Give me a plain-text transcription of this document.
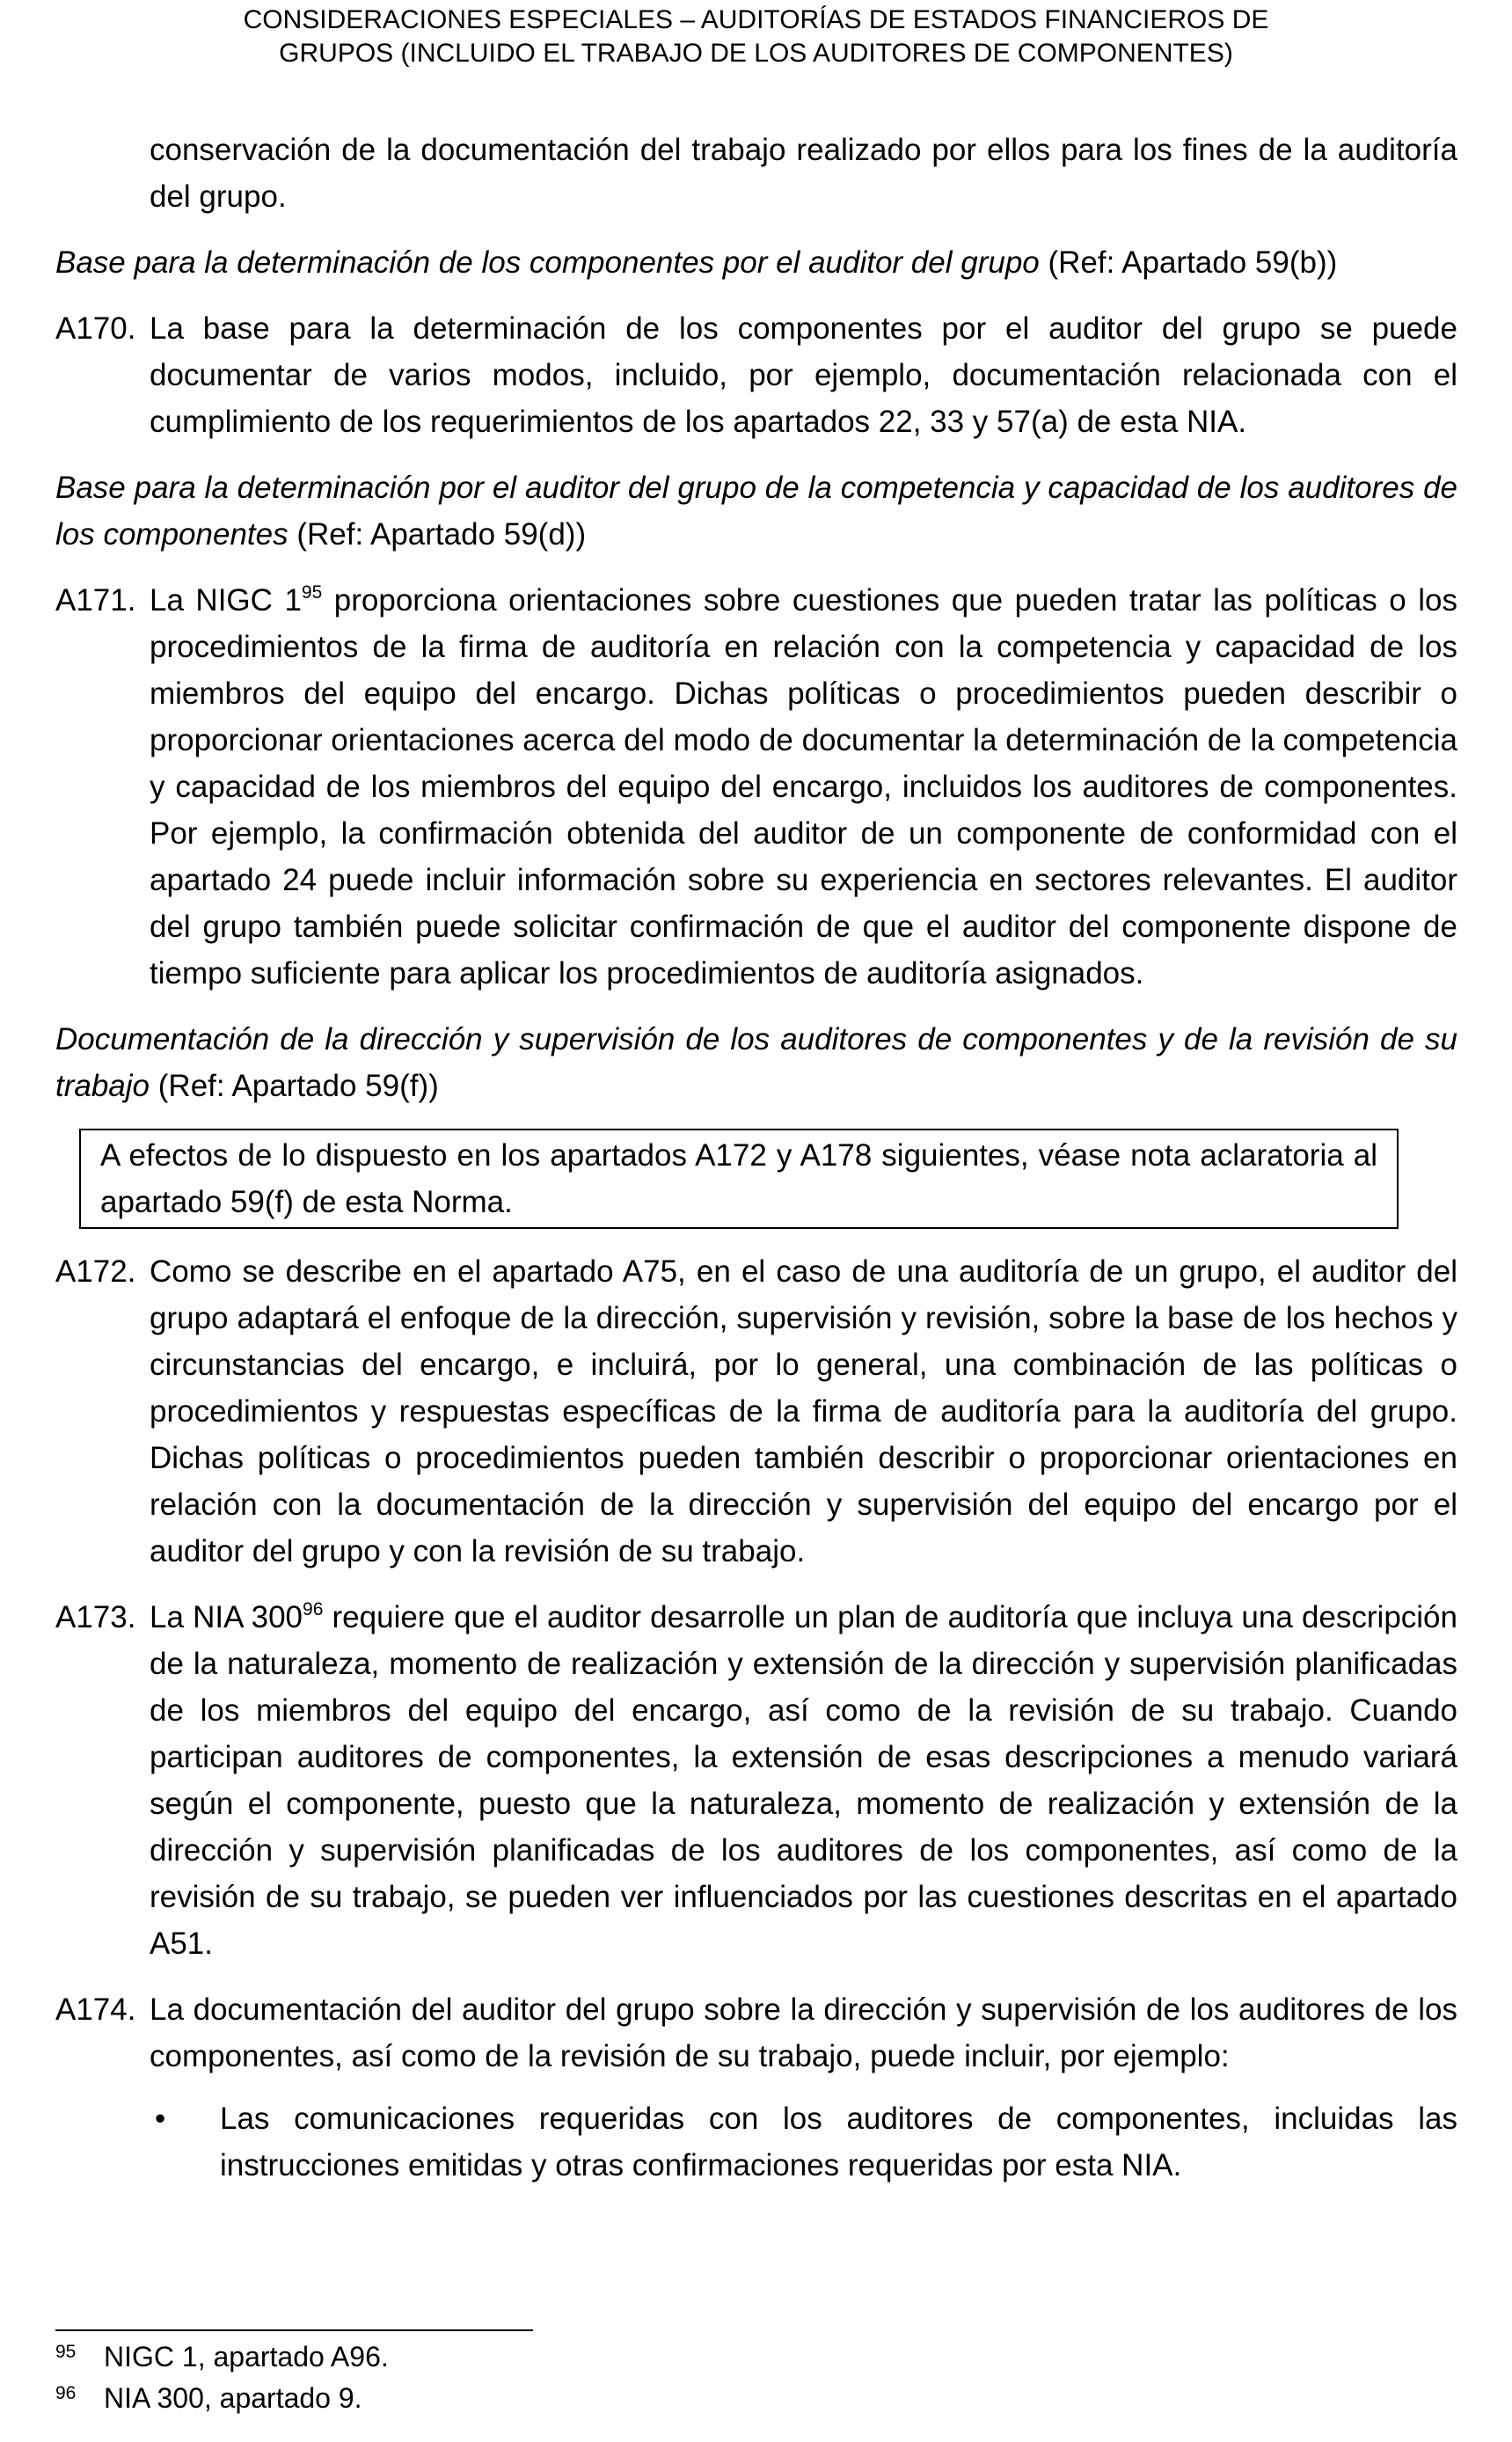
CONSIDERACIONES ESPECIALES – AUDITORÍAS DE ESTADOS FINANCIEROS DE
GRUPOS (INCLUIDO EL TRABAJO DE LOS AUDITORES DE COMPONENTES)

conservación de la documentación del trabajo realizado por ellos para los fines de la auditoría del grupo.

Base para la determinación de los componentes por el auditor del grupo (Ref: Apartado 59(b))

A170. La base para la determinación de los componentes por el auditor del grupo se puede documentar de varios modos, incluido, por ejemplo, documentación relacionada con el cumplimiento de los requerimientos de los apartados 22, 33 y 57(a) de esta NIA.

Base para la determinación por el auditor del grupo de la competencia y capacidad de los auditores de los componentes (Ref: Apartado 59(d))

A171. La NIGC $1^{95}$ proporciona orientaciones sobre cuestiones que pueden tratar las políticas o los procedimientos de la firma de auditoría en relación con la competencia y capacidad de los miembros del equipo del encargo. Dichas políticas o procedimientos pueden describir o proporcionar orientaciones acerca del modo de documentar la determinación de la competencia y capacidad de los miembros del equipo del encargo, incluidos los auditores de componentes. Por ejemplo, la confirmación obtenida del auditor de un componente de conformidad con el apartado 24 puede incluir información sobre su experiencia en sectores relevantes. El auditor del grupo también puede solicitar confirmación de que el auditor del componente dispone de tiempo suficiente para aplicar los procedimientos de auditoría asignados.

Documentación de la dirección y supervisión de los auditores de componentes y de la revisión de su trabajo (Ref: Apartado 59(f))

A efectos de lo dispuesto en los apartados A172 y A178 siguientes, véase nota aclaratoria al apartado 59(f) de esta Norma.

A172. Como se describe en el apartado A75, en el caso de una auditoría de un grupo, el auditor del grupo adaptará el enfoque de la dirección, supervisión y revisión, sobre la base de los hechos y circunstancias del encargo, e incluirá, por lo general, una combinación de las políticas o procedimientos y respuestas específicas de la firma de auditoría para la auditoría del grupo. Dichas políticas o procedimientos pueden también describir o proporcionar orientaciones en relación con la documentación de la dirección y supervisión del equipo del encargo por el auditor del grupo y con la revisión de su trabajo.

A173. La NIA $300^{96}$ requiere que el auditor desarrolle un plan de auditoría que incluya una descripción de la naturaleza, momento de realización y extensión de la dirección y supervisión planificadas de los miembros del equipo del encargo, así como de la revisión de su trabajo. Cuando participan auditores de componentes, la extensión de esas descripciones a menudo variará según el componente, puesto que la naturaleza, momento de realización y extensión de la dirección y supervisión planificadas de los auditores de los componentes, así como de la revisión de su trabajo, se pueden ver influenciados por las cuestiones descritas en el apartado A51.

A174. La documentación del auditor del grupo sobre la dirección y supervisión de los auditores de los componentes, así como de la revisión de su trabajo, puede incluir, por ejemplo:

• Las comunicaciones requeridas con los auditores de componentes, incluidas las instrucciones emitidas y otras confirmaciones requeridas por esta NIA.

95 NIGC 1, apartado A96.
96 NIA 300, apartado 9.
